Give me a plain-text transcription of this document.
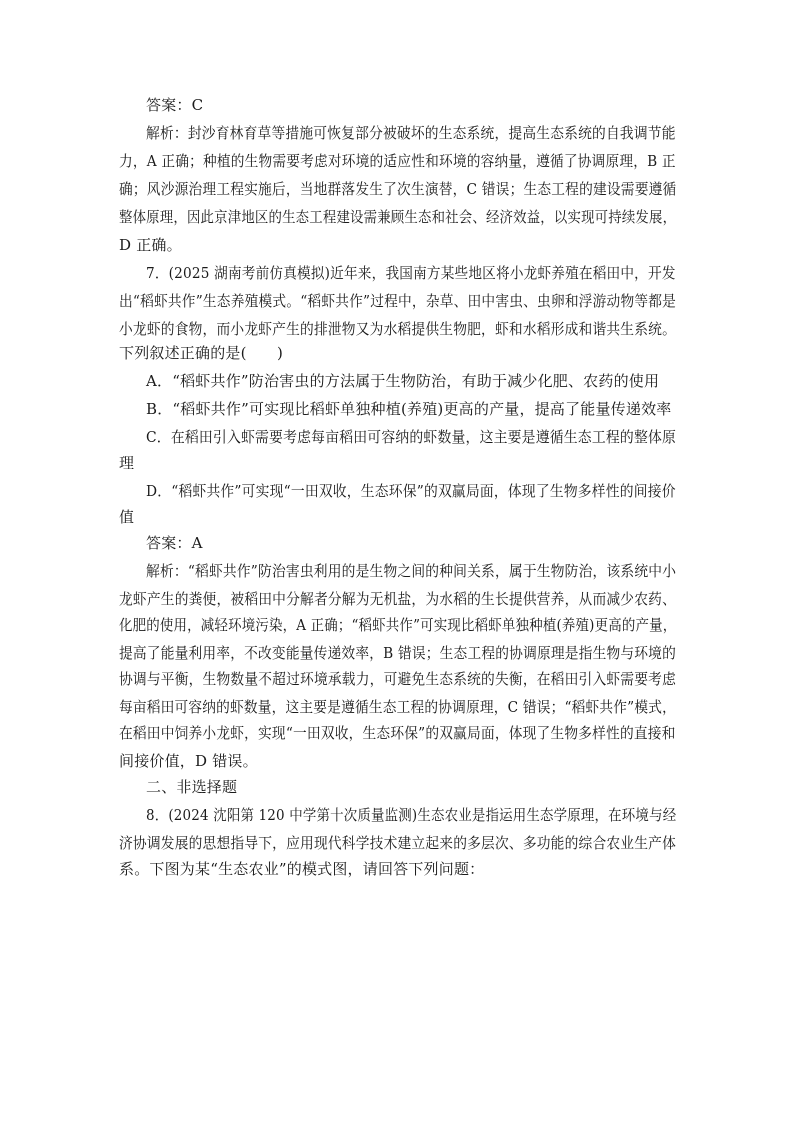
答案：C
解析：封沙育林育草等措施可恢复部分被破坏的生态系统，提高生态系统的自我调节能
力，A 正确；种植的生物需要考虑对环境的适应性和环境的容纳量，遵循了协调原理，B 正
确；风沙源治理工程实施后，当地群落发生了次生演替，C 错误；生态工程的建设需要遵循
整体原理，因此京津地区的生态工程建设需兼顾生态和社会、经济效益，以实现可持续发展，
D 正确。
7．(2025 湖南考前仿真模拟)近年来，我国南方某些地区将小龙虾养殖在稻田中，开发
出“稻虾共作”生态养殖模式。“稻虾共作”过程中，杂草、田中害虫、虫卵和浮游动物等都是
小龙虾的食物，而小龙虾产生的排泄物又为水稻提供生物肥，虾和水稻形成和谐共生系统。
下列叙述正确的是(　　)
A．“稻虾共作”防治害虫的方法属于生物防治，有助于减少化肥、农药的使用
B．“稻虾共作”可实现比稻虾单独种植(养殖)更高的产量，提高了能量传递效率
C．在稻田引入虾需要考虑每亩稻田可容纳的虾数量，这主要是遵循生态工程的整体原
理
D．“稻虾共作”可实现“一田双收，生态环保”的双赢局面，体现了生物多样性的间接价
值
答案：A
解析：“稻虾共作”防治害虫利用的是生物之间的种间关系，属于生物防治，该系统中小
龙虾产生的粪便，被稻田中分解者分解为无机盐，为水稻的生长提供营养，从而减少农药、
化肥的使用，减轻环境污染，A 正确；“稻虾共作”可实现比稻虾单独种植(养殖)更高的产量，
提高了能量利用率，不改变能量传递效率，B 错误；生态工程的协调原理是指生物与环境的
协调与平衡，生物数量不超过环境承载力，可避免生态系统的失衡，在稻田引入虾需要考虑
每亩稻田可容纳的虾数量，这主要是遵循生态工程的协调原理，C 错误；“稻虾共作”模式，
在稻田中饲养小龙虾，实现“一田双收，生态环保”的双赢局面，体现了生物多样性的直接和
间接价值，D 错误。
二、非选择题
8．(2024 沈阳第 120 中学第十次质量监测)生态农业是指运用生态学原理，在环境与经
济协调发展的思想指导下，应用现代科学技术建立起来的多层次、多功能的综合农业生产体
系。下图为某“生态农业”的模式图，请回答下列问题：
